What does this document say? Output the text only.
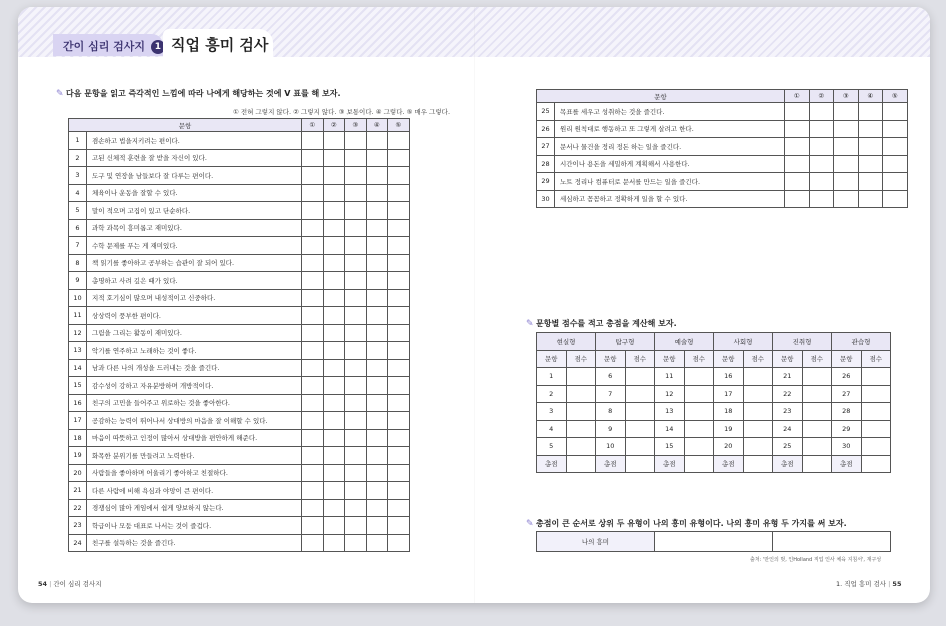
간이 심리 검사지 1 직업 흥미 검사
✎ 다음 문항을 읽고 즉각적인 느낌에 따라 나에게 해당하는 것에 V 표를 해 보자.
① 전혀 그렇지 않다. ② 그렇지 않다. ③ 보통이다. ④ 그렇다. ⑤ 매우 그렇다.
문항		①	②	③	④	⑤
1	겸손하고 법을지키려는 편이다.					
2	고된 신체적 훈련을 잘 받을 자신이 있다.					
3	도구 및 연장을 남들보다 잘 다루는 편이다.					
4	체육이나 운동을 잘할 수 있다.					
5	말이 적으며 고집이 있고 단순하다.					
6	과학 과목이 흥미롭고 재미있다.					
7	수학 문제를 푸는 게 재미있다.					
8	책 읽기를 좋아하고 공부하는 습관이 잘 되어 있다.					
9	총명하고 사려 깊은 때가 있다.					
10	지적 호기심이 많으며 내성적이고 신중하다.					
11	상상력이 풍부한 편이다.					
12	그림을 그리는 활동이 재미있다.					
13	악기를 연주하고 노래하는 것이 좋다.					
14	남과 다른 나의 개성을 드러내는 것을 즐긴다.					
15	감수성이 강하고 자유분방하며 개방적이다.					
16	친구의 고민을 들어주고 위로하는 것을 좋아한다.					
17	공감하는 능력이 뛰어나서 상대방의 마음을 잘 이해할 수 있다.					
18	마음이 따뜻하고 인정이 많아서 상대방을 편안하게 해준다.					
19	화목한 분위기를 만들려고 노력한다.					
20	사람들을 좋아하며 어울리기 좋아하고 친절하다.					
21	다른 사람에 비해 욕심과 야망이 큰 편이다.					
22	경쟁심이 많아 게임에서 쉽게 양보하지 않는다.					
23	학급이나 모둠 대표로 나서는 것이 즐겁다.					
24	친구를 설득하는 것을 즐긴다.					
문항		①	②	③	④	⑤
25	목표를 세우고 성취하는 것을 즐긴다.					
26	원리 원칙대로 행동하고 또 그렇게 살려고 한다.					
27	문서나 물건을 정리 정돈 하는 일을 즐긴다.					
28	시간이나 용돈을 세밀하게 계획해서 사용한다.					
29	노트 정리나 컴퓨터로 문서를 만드는 일을 즐긴다.					
30	세심하고 꼼꼼하고 정확하게 일을 할 수 있다.					
✎ 문항별 점수를 적고 총점을 계산해 보자.
현실형		탐구형		예술형		사회형		진취형		관습형	
문항	점수	문항	점수	문항	점수	문항	점수	문항	점수	문항	점수
1		6		11		16		21		26	
2		7		12		17		22		27	
3		8		13		18		23		28	
4		9		14		19		24		29	
5		10		15		20		25		30	
총점		총점		총점		총점		총점		총점	
✎ 총점이 큰 순서로 상위 두 유형이 나의 흥미 유형이다. 나의 흥미 유형 두 가지를 써 보자.
나의 흥미		
출처: '만인의 벗, 인Holland 직업 인사 체육 지침서', 재구성
54 | 간이 심리 검사지	1. 직업 흥미 검사 | 55
